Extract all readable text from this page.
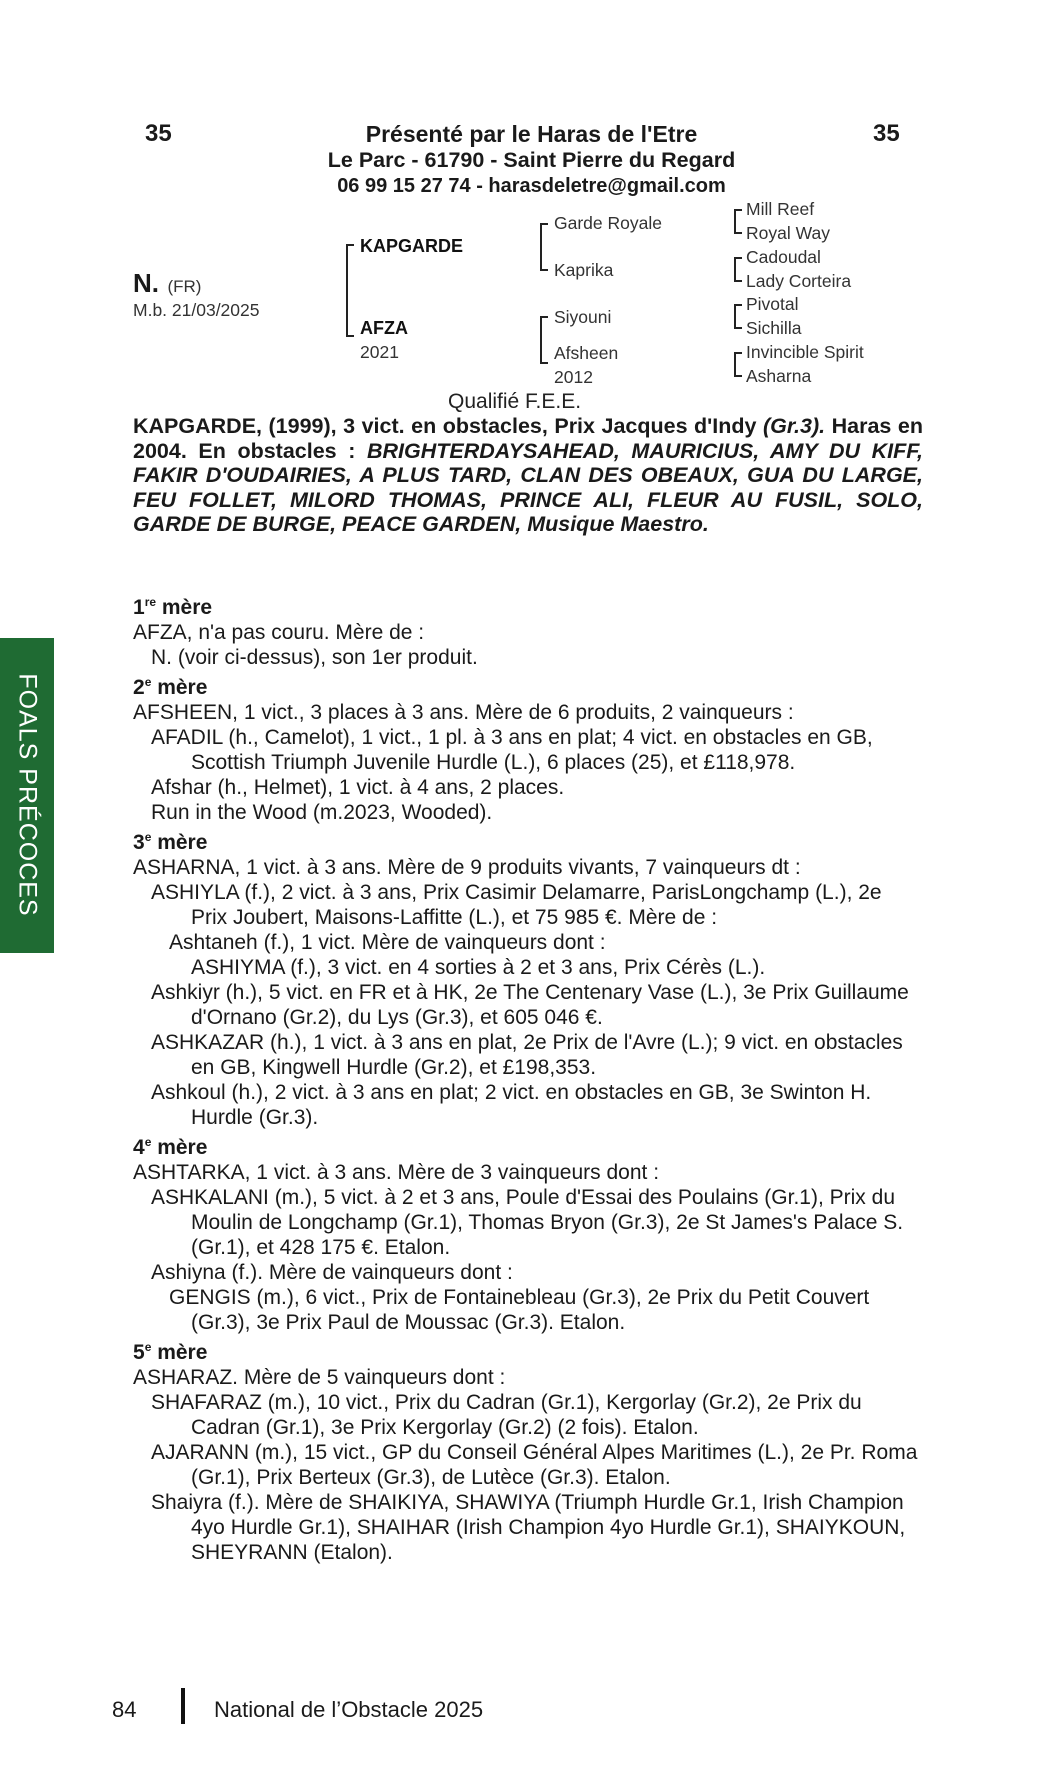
35	35
Présenté par le Haras de l'Etre
Le Parc - 61790 - Saint Pierre du Regard
06 99 15 27 74 - harasdeletre@gmail.com
N. (FR)
M.b. 21/03/2025
KAPGARDE
AFZA
2021
Garde Royale
Kaprika
Siyouni
Afsheen
2012
Mill Reef
Royal Way
Cadoudal
Lady Corteira
Pivotal
Sichilla
Invincible Spirit
Asharna
Qualifié F.E.E.
KAPGARDE, (1999), 3 vict. en obstacles, Prix Jacques d'Indy (Gr.3). Haras en 2004. En obstacles : BRIGHTERDAYSAHEAD, MAURICIUS, AMY DU KIFF, FAKIR D'OUDAIRIES, A PLUS TARD, CLAN DES OBEAUX, GUA DU LARGE, FEU FOLLET, MILORD THOMAS, PRINCE ALI, FLEUR AU FUSIL, SOLO, GARDE DE BURGE, PEACE GARDEN, Musique Maestro.
1re mère

AFZA, n'a pas couru. Mère de :

N. (voir ci-dessus), son 1er produit.

2e mère

AFSHEEN, 1 vict., 3 places à 3 ans. Mère de 6 produits, 2 vainqueurs :

AFADIL (h., Camelot), 1 vict., 1 pl. à 3 ans en plat; 4 vict. en obstacles en GB, Scottish Triumph Juvenile Hurdle (L.), 6 places (25), et £118,978.

Afshar (h., Helmet), 1 vict. à 4 ans, 2 places.

Run in the Wood (m.2023, Wooded).

3e mère

ASHARNA, 1 vict. à 3 ans. Mère de 9 produits vivants, 7 vainqueurs dt :

ASHIYLA (f.), 2 vict. à 3 ans, Prix Casimir Delamarre, ParisLongchamp (L.), 2e Prix Joubert, Maisons-Laffitte (L.), et 75 985 €. Mère de :

Ashtaneh (f.), 1 vict. Mère de vainqueurs dont :

ASHIYMA (f.), 3 vict. en 4 sorties à 2 et 3 ans, Prix Cérès (L.).

Ashkiyr (h.), 5 vict. en FR et à HK, 2e The Centenary Vase (L.), 3e Prix Guillaume d'Ornano (Gr.2), du Lys (Gr.3), et 605 046 €.

ASHKAZAR (h.), 1 vict. à 3 ans en plat, 2e Prix de l'Avre (L.); 9 vict. en obstacles en GB, Kingwell Hurdle (Gr.2), et £198,353.

Ashkoul (h.), 2 vict. à 3 ans en plat; 2 vict. en obstacles en GB, 3e Swinton H. Hurdle (Gr.3).

4e mère

ASHTARKA, 1 vict. à 3 ans. Mère de 3 vainqueurs dont :

ASHKALANI (m.), 5 vict. à 2 et 3 ans, Poule d'Essai des Poulains (Gr.1), Prix du Moulin de Longchamp (Gr.1), Thomas Bryon (Gr.3), 2e St James's Palace S.(Gr.1), et 428 175 €. Etalon.

Ashiyna (f.). Mère de vainqueurs dont :

GENGIS (m.), 6 vict., Prix de Fontainebleau (Gr.3), 2e Prix du Petit Couvert (Gr.3), 3e Prix Paul de Moussac (Gr.3). Etalon.

5e mère

ASHARAZ. Mère de 5 vainqueurs dont :

SHAFARAZ (m.), 10 vict., Prix du Cadran (Gr.1), Kergorlay (Gr.2), 2e Prix du Cadran (Gr.1), 3e Prix Kergorlay (Gr.2) (2 fois). Etalon.

AJARANN (m.), 15 vict., GP du Conseil Général Alpes Maritimes (L.), 2e Pr. Roma (Gr.1), Prix Berteux (Gr.3), de Lutèce (Gr.3). Etalon.

Shaiyra (f.). Mère de SHAIKIYA, SHAWIYA (Triumph Hurdle Gr.1, Irish Champion 4yo Hurdle Gr.1), SHAIHAR (Irish Champion 4yo Hurdle Gr.1), SHAIYKOUN, SHEYRANN (Etalon).

FOALS PRÉCOCES
84	National de l’Obstacle 2025
